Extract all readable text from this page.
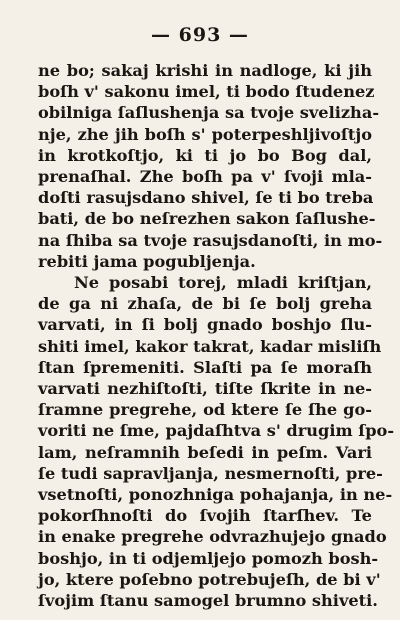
— 693 —
ne bo; sakaj krishi in nadloge, ki jih
boſh v' sakonu imel, ti bodo ſtudenez
obilniga ſaſlushenja sa tvoje svelizha-
nje, zhe jih boſh s' poterpeshljivoſtjo
in krotkoſtjo, ki ti jo bo Bog dal,
prenaſhal. Zhe boſh pa v' ſvoji mla-
doſti rasujsdano shivel, ſe ti bo treba
bati, de bo neſrezhen sakon ſaſlushe-
na ſhiba sa tvoje rasujsdanoſti, in mo-
rebiti jama pogubljenja.
Ne posabi torej, mladi kriſtjan,
de ga ni zhaſa, de bi ſe bolj greha
varvati, in ſi bolj gnado boshjo ſlu-
shiti imel, kakor takrat, kadar misliſh
ſtan ſpremeniti. Slaſti pa ſe moraſh
varvati nezhiſtoſti, tiſte ſkrite in ne-
ſramne pregrehe, od ktere ſe ſhe go-
voriti ne ſme, pajdaſhtva s' drugim ſpo-
lam, neſramnih beſedi in peſm. Vari
ſe tudi sapravljanja, nesmernoſti, pre-
vsetnoſti, ponozhniga pohajanja, in ne-
pokorſhnoſti do ſvojih ſtarſhev. Te
in enake pregrehe odvrazhujejo gnado
boshjo, in ti odjemljejo pomozh bosh-
jo, ktere poſebno potrebujeſh, de bi v'
ſvojim ſtanu samogel brumno shiveti.
